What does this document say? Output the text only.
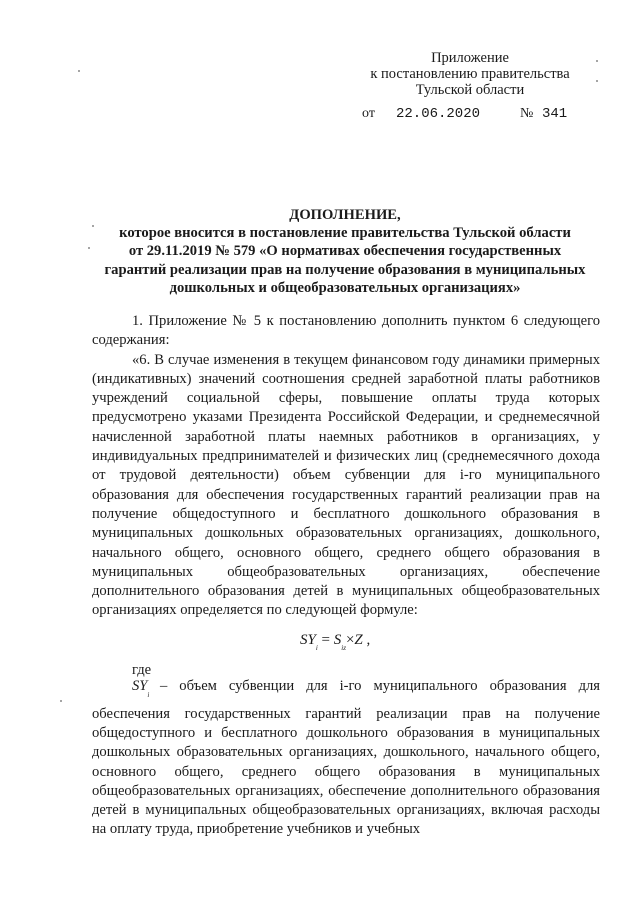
Приложение
к постановлению правительства
Тульской области
от 22.06.2020	№ 341
ДОПОЛНЕНИЕ,
которое вносится в постановление правительства Тульской области
от 29.11.2019 № 579 «О нормативах обеспечения государственных
гарантий реализации прав на получение образования в муниципальных
дошкольных и общеобразовательных организациях»

1. Приложение № 5 к постановлению дополнить пунктом 6 следующего содержания:

«6. В случае изменения в текущем финансовом году динамики примерных (индикативных) значений соотношения средней заработной платы работников учреждений социальной сферы, повышение оплаты труда которых предусмотрено указами Президента Российской Федерации, и среднемесячной начисленной заработной платы наемных работников в организациях, у индивидуальных предпринимателей и физических лиц (среднемесячного дохода от трудовой деятельности) объем субвенции для i-го муниципального образования для обеспечения государственных гарантий реализации прав на получение общедоступного и бесплатного дошкольного образования в муниципальных дошкольных образовательных организациях, дошкольного, начального общего, основного общего, среднего общего образования в муниципальных общеобразовательных организациях, обеспечение дополнительного образования детей в муниципальных общеобразовательных организациях определяется по следующей формуле:

$SY_i = S_{iz}\times Z$ ,
где
$SY_i$
– объем субвенции для i-го муниципального образования для

обеспечения государственных гарантий реализации прав на получение общедоступного и бесплатного дошкольного образования в муниципальных дошкольных образовательных организациях, дошкольного, начального общего, основного общего, среднего общего образования в муниципальных общеобразовательных организациях, обеспечение дополнительного образования детей в муниципальных общеобразовательных организациях, включая расходы на оплату труда, приобретение учебников и учебных
